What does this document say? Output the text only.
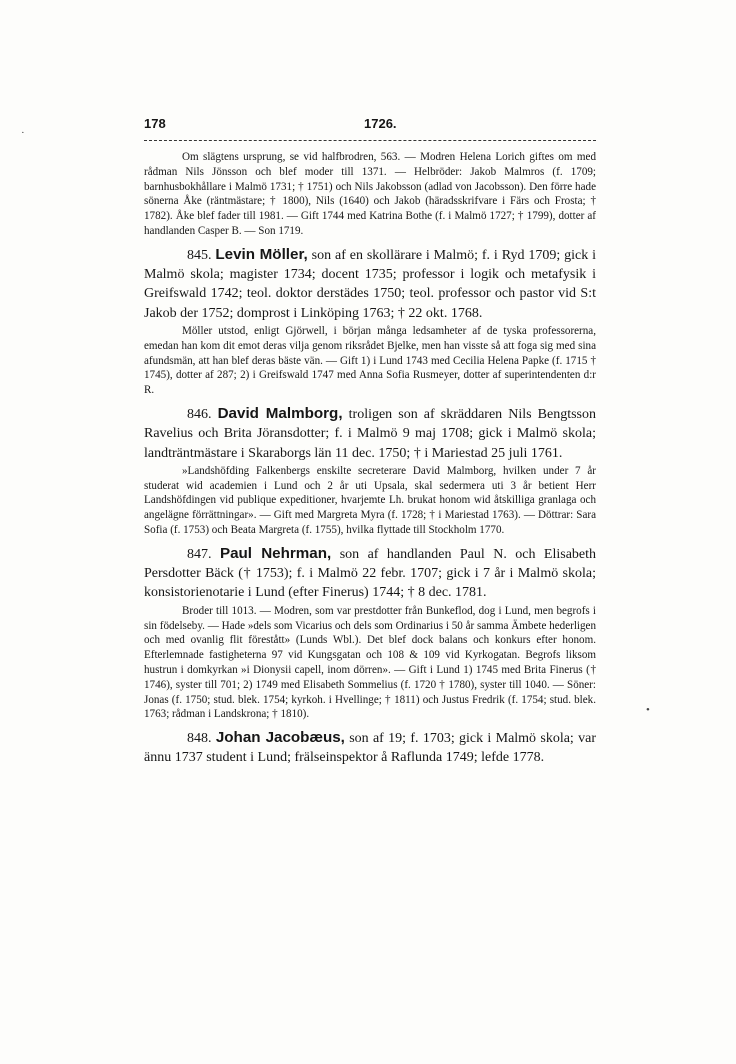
·
•
178	1726.

Om slägtens ursprung, se vid halfbrodren, 563. — Modren Helena Lorich giftes om med rådman Nils Jönsson och blef moder till 1371. — Helbröder: Jakob Malmros (f. 1709; barnhusbokhållare i Malmö 1731; † 1751) och Nils Jakobsson (adlad von Jacobsson). Den förre hade sönerna Åke (räntmästare; † 1800), Nils (1640) och Jakob (häradsskrifvare i Färs och Frosta; † 1782). Åke blef fader till 1981. — Gift 1744 med Katrina Bothe (f. i Malmö 1727; † 1799), dotter af handlanden Casper B. — Son 1719.

845. Levin Möller, son af en skollärare i Malmö; f. i Ryd 1709; gick i Malmö skola; magister 1734; docent 1735; professor i logik och metafysik i Greifswald 1742; teol. doktor derstädes 1750; teol. professor och pastor vid S:t Jakob der 1752; domprost i Linköping 1763; † 22 okt. 1768.

Möller utstod, enligt Gjörwell, i början många ledsamheter af de tyska professorerna, emedan han kom dit emot deras vilja genom riksrådet Bjelke, men han visste så att foga sig med sina afundsmän, att han blef deras bäste vän. — Gift 1) i Lund 1743 med Cecilia Helena Papke (f. 1715 † 1745), dotter af 287; 2) i Greifswald 1747 med Anna Sofia Rusmeyer, dotter af superintendenten d:r R.

846. David Malmborg, troligen son af skräddaren Nils Bengtsson Ravelius och Brita Jöransdotter; f. i Malmö 9 maj 1708; gick i Malmö skola; landträntmästare i Skaraborgs län 11 dec. 1750; † i Mariestad 25 juli 1761.

»Landshöfding Falkenbergs enskilte secreterare David Malmborg, hvilken under 7 år studerat wid academien i Lund och 2 år uti Upsala, skal sedermera uti 3 år betient Herr Landshöfdingen vid publique expeditioner, hvarjemte Lh. brukat honom wid åtskilliga granlaga och angelägne förrättningar». — Gift med Margreta Myra (f. 1728; † i Mariestad 1763). — Döttrar: Sara Sofia (f. 1753) och Beata Margreta (f. 1755), hvilka flyttade till Stockholm 1770.

847. Paul Nehrman, son af handlanden Paul N. och Elisabeth Persdotter Bäck († 1753); f. i Malmö 22 febr. 1707; gick i 7 år i Malmö skola; konsistorienotarie i Lund (efter Finerus) 1744; † 8 dec. 1781.

Broder till 1013. — Modren, som var prestdotter från Bunkeflod, dog i Lund, men begrofs i sin födelseby. — Hade »dels som Vicarius och dels som Ordinarius i 50 år samma Ämbete hederligen och med ovanlig flit förestått» (Lunds Wbl.). Det blef dock balans och konkurs efter honom. Efterlemnade fastigheterna 97 vid Kungsgatan och 108 & 109 vid Kyrkogatan. Begrofs liksom hustrun i domkyrkan »i Dionysii capell, inom dörren». — Gift i Lund 1) 1745 med Brita Finerus († 1746), syster till 701; 2) 1749 med Elisabeth Sommelius (f. 1720 † 1780), syster till 1040. — Söner: Jonas (f. 1750; stud. blek. 1754; kyrkoh. i Hvellinge; † 1811) och Justus Fredrik (f. 1754; stud. blek. 1763; rådman i Landskrona; † 1810).

848. Johan Jacobæus, son af 19; f. 1703; gick i Malmö skola; var ännu 1737 student i Lund; frälseinspektor å Raflunda 1749; lefde 1778.
